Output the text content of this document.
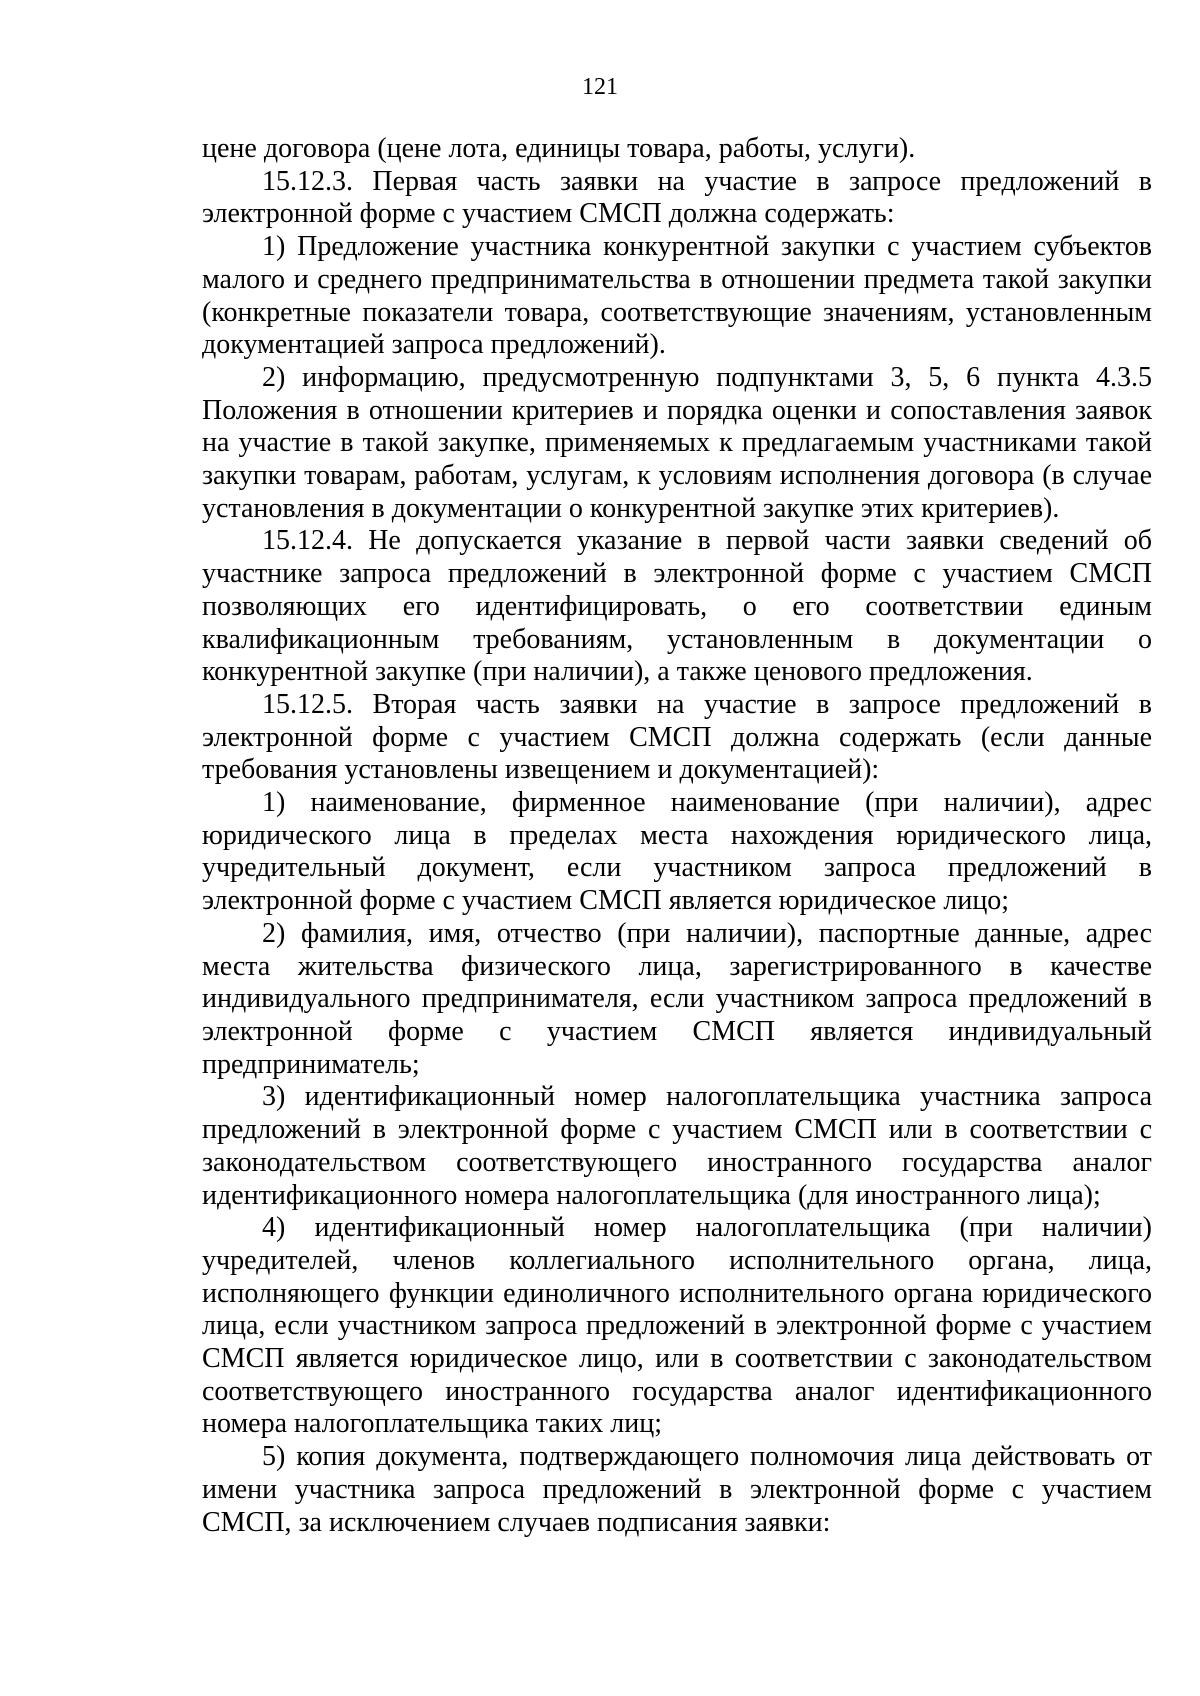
121

цене договора (цене лота, единицы товара, работы, услуги).

15.12.3. Первая часть заявки на участие в запросе предложений в электронной форме с участием СМСП должна содержать:

1) Предложение участника конкурентной закупки с участием субъектов малого и среднего предпринимательства в отношении предмета такой закупки (конкретные показатели товара, соответствующие значениям, установленным документацией запроса предложений).

2) информацию, предусмотренную подпунктами 3, 5, 6 пункта 4.3.5 Положения в отношении критериев и порядка оценки и сопоставления заявок на участие в такой закупке, применяемых к предлагаемым участниками такой закупки товарам, работам, услугам, к условиям исполнения договора (в случае установления в документации о конкурентной закупке этих критериев).

15.12.4. Не допускается указание в первой части заявки сведений об участнике запроса предложений в электронной форме с участием СМСП позволяющих его идентифицировать, о его соответствии единым квалификационным требованиям, установленным в документации о конкурентной закупке (при наличии), а также ценового предложения.

15.12.5. Вторая часть заявки на участие в запросе предложений в электронной форме с участием СМСП должна содержать (если данные требования установлены извещением и документацией):

1) наименование, фирменное наименование (при наличии), адрес юридического лица в пределах места нахождения юридического лица, учредительный документ, если участником запроса предложений в электронной форме с участием СМСП является юридическое лицо;

2) фамилия, имя, отчество (при наличии), паспортные данные, адрес места жительства физического лица, зарегистрированного в качестве индивидуального предпринимателя, если участником запроса предложений в электронной форме с участием СМСП является индивидуальный предприниматель;

3) идентификационный номер налогоплательщика участника запроса предложений в электронной форме с участием СМСП или в соответствии с законодательством соответствующего иностранного государства аналог идентификационного номера налогоплательщика (для иностранного лица);

4) идентификационный номер налогоплательщика (при наличии) учредителей, членов коллегиального исполнительного органа, лица, исполняющего функции единоличного исполнительного органа юридического лица, если участником запроса предложений в электронной форме с участием СМСП является юридическое лицо, или в соответствии с законодательством соответствующего иностранного государства аналог идентификационного номера налогоплательщика таких лиц;

5) копия документа, подтверждающего полномочия лица действовать от имени участника запроса предложений в электронной форме с участием СМСП, за исключением случаев подписания заявки:
